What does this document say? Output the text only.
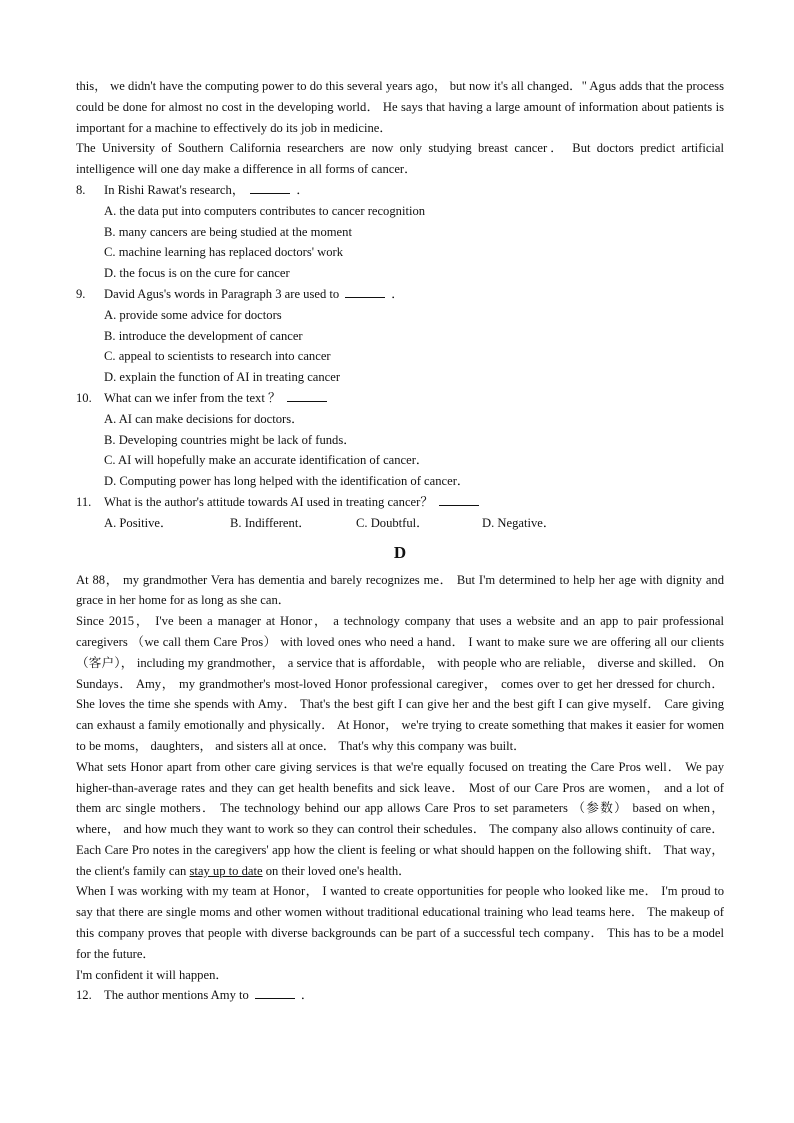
this， we didn't have the computing power to do this several years ago， but now it's all changed．" Agus adds that the process could be done for almost no cost in the developing world． He says that having a large amount of information about patients is important for a machine to effectively do its job in medicine．

The University of Southern California researchers are now only studying breast cancer． But doctors predict artificial intelligence will one day make a difference in all forms of cancer．

8. In Rishi Rawat's research，	．
A. the data put into computers contributes to cancer recognition
B. many cancers are being studied at the moment
C. machine learning has replaced doctors' work
D. the focus is on the cure for cancer
9. David Agus's words in Paragraph 3 are used to	．
A. provide some advice for doctors
B. introduce the development of cancer
C. appeal to scientists to research into cancer
D. explain the function of AI in treating cancer
10. What can we infer from the text ？
A. AI can make decisions for doctors．
B. Developing countries might be lack of funds．
C. AI will hopefully make an accurate identification of cancer．
D. Computing power has long helped with the identification of cancer．
11. What is the author's attitude towards AI used in treating cancer？
A. Positive．	B. Indifferent．	C. Doubtful．	D. Negative．
D

At 88， my grandmother Vera has dementia and barely recognizes me． But I'm determined to help her age with dignity and grace in her home for as long as she can．

Since 2015， I've been a manager at Honor， a technology company that uses a website and an app to pair professional caregivers （we call them Care Pros） with loved ones who need a hand． I want to make sure we are offering all our clients （客户）， including my grandmother， a service that is affordable， with people who are reliable， diverse and skilled． On Sundays． Amy， my grandmother's most-loved Honor professional caregiver， comes over to get her dressed for church． She loves the time she spends with Amy． That's the best gift I can give her and the best gift I can give myself． Care giving can exhaust a family emotionally and physically． At Honor， we're trying to create something that makes it easier for women to be moms， daughters， and sisters all at once． That's why this company was built．

What sets Honor apart from other care giving services is that we're equally focused on treating the Care Pros well． We pay higher-than-average rates and they can get health benefits and sick leave． Most of our Care Pros are women， and a lot of them arc single mothers． The technology behind our app allows Care Pros to set parameters （参数） based on when， where， and how much they want to work so they can control their schedules． The company also allows continuity of care． Each Care Pro notes in the caregivers' app how the client is feeling or what should happen on the following shift． That way， the client's family can stay up to date on their loved one's health．

When I was working with my team at Honor， I wanted to create opportunities for people who looked like me． I'm proud to say that there are single moms and other women without traditional educational training who lead teams here． The makeup of this company proves that people with diverse backgrounds can be part of a successful tech company． This has to be a model for the future．

I'm confident it will happen．

12. The author mentions Amy to	．
